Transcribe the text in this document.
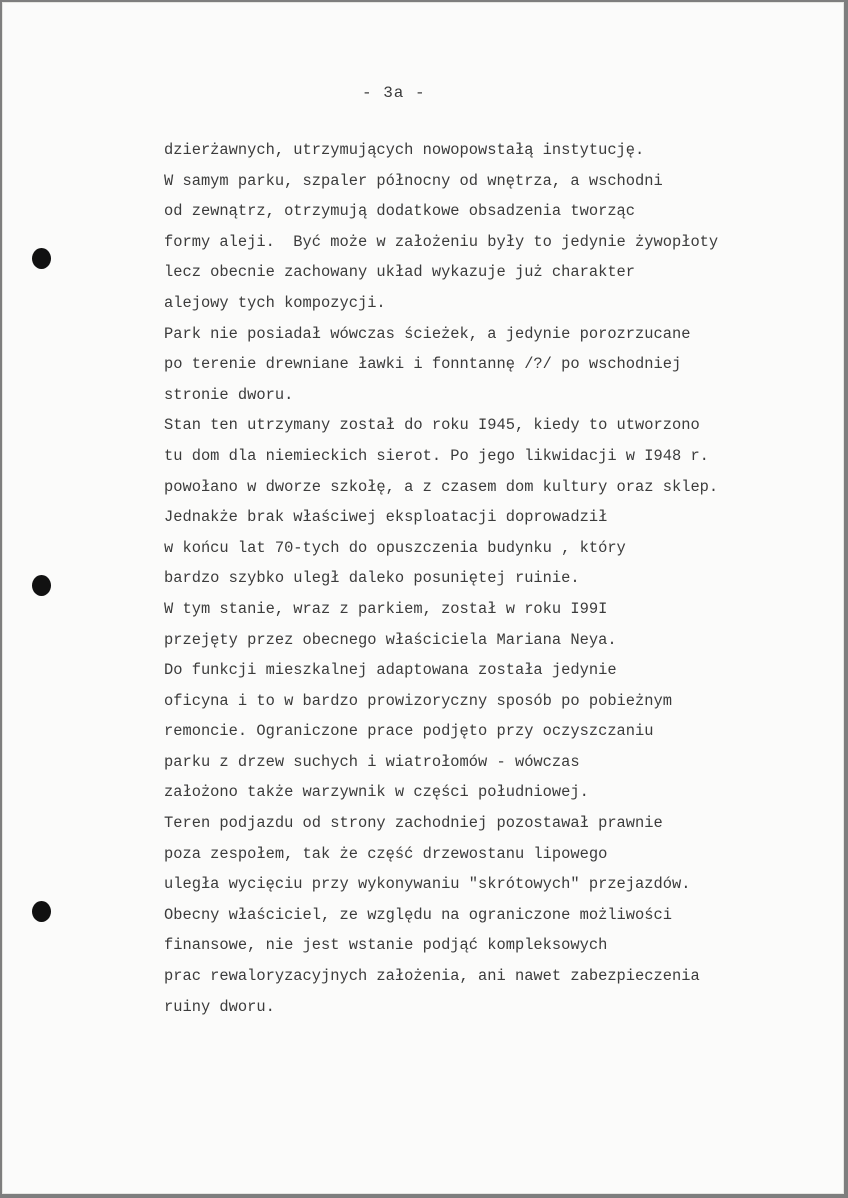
- 3a -
dzierżawnych, utrzymujących nowopowstałą instytucję.
W samym parku, szpaler północny od wnętrza, a wschodni
od zewnątrz, otrzymują dodatkowe obsadzenia tworząc
formy aleji.  Być może w założeniu były to jedynie żywopłoty
lecz obecnie zachowany układ wykazuje już charakter
alejowy tych kompozycji.
Park nie posiadał wówczas ścieżek, a jedynie porozrzucane
po terenie drewniane ławki i fonntannę /?/ po wschodniej
stronie dworu.
Stan ten utrzymany został do roku I945, kiedy to utworzono
tu dom dla niemieckich sierot. Po jego likwidacji w I948 r.
powołano w dworze szkołę, a z czasem dom kultury oraz sklep.
Jednakże brak właściwej eksploatacji doprowadził
w końcu lat 70-tych do opuszczenia budynku , który
bardzo szybko uległ daleko posuniętej ruinie.
W tym stanie, wraz z parkiem, został w roku I99I
przejęty przez obecnego właściciela Mariana Neya.
Do funkcji mieszkalnej adaptowana została jedynie
oficyna i to w bardzo prowizoryczny sposób po pobieżnym
remoncie. Ograniczone prace podjęto przy oczyszczaniu
parku z drzew suchych i wiatrołomów - wówczas
założono także warzywnik w części południowej.
Teren podjazdu od strony zachodniej pozostawał prawnie
poza zespołem, tak że część drzewostanu lipowego
uległa wycięciu przy wykonywaniu "skrótowych" przejazdów.
Obecny właściciel, ze względu na ograniczone możliwości
finansowe, nie jest wstanie podjąć kompleksowych
prac rewaloryzacyjnych założenia, ani nawet zabezpieczenia
ruiny dworu.
